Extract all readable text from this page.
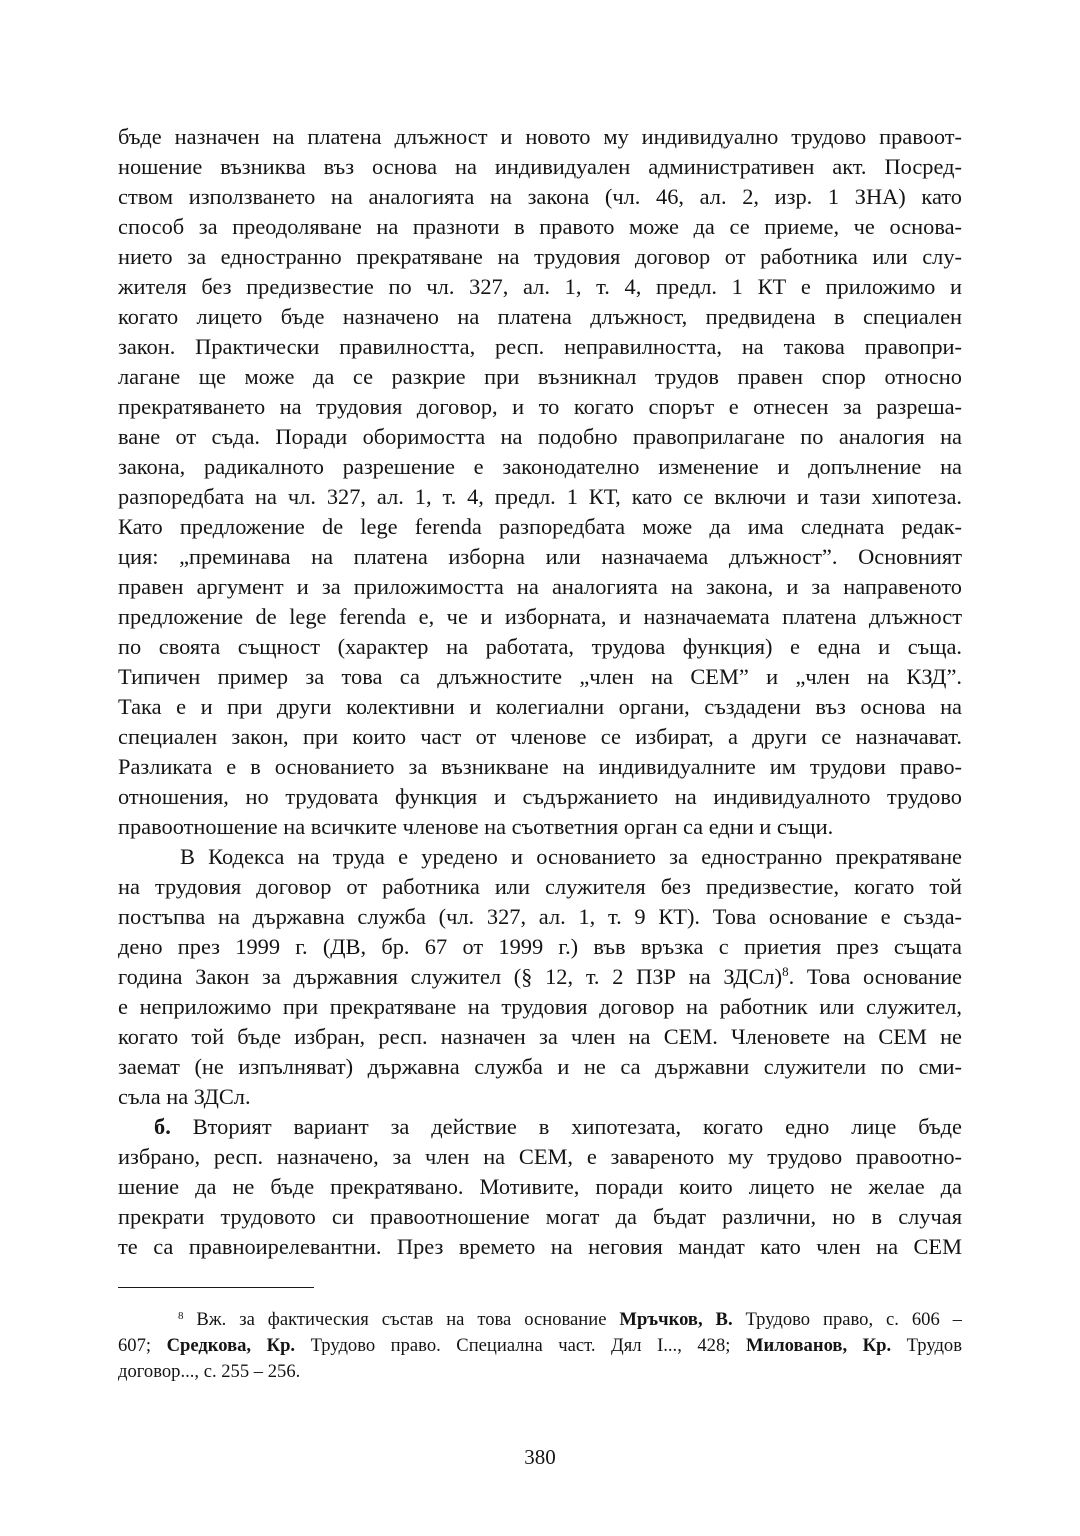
бъде назначен на платена длъжност и новото му индивидуално трудово правоот-
ношение възниква въз основа на индивидуален административен акт. Посред-
ством използването на аналогията на закона (чл. 46, ал. 2, изр. 1 ЗНА) като
способ за преодоляване на празноти в правото може да се приеме, че основа-
нието за едностранно прекратяване на трудовия договор от работника или слу-
жителя без предизвестие по чл. 327, ал. 1, т. 4, предл. 1 КТ е приложимо и
когато лицето бъде назначено на платена длъжност, предвидена в специален
закон. Практически правилността, респ. неправилността, на такова правопри-
лагане ще може да се разкрие при възникнал трудов правен спор относно
прекратяването на трудовия договор, и то когато спорът е отнесен за разреша-
ване от съда. Поради оборимостта на подобно правоприлагане по аналогия на
закона, радикалното разрешение е законодателно изменение и допълнение на
разпоредбата на чл. 327, ал. 1, т. 4, предл. 1 КТ, като се включи и тази хипотеза.
Като предложение de lege ferenda разпоредбата може да има следната редак-
ция: „преминава на платена изборна или назначаема длъжност”. Основният
правен аргумент и за приложимостта на аналогията на закона, и за направеното
предложение de lege ferenda е, че и изборната, и назначаемата платена длъжност
по своята същност (характер на работата, трудова функция) е една и съща.
Типичен пример за това са длъжностите „член на СЕМ” и „член на КЗД”.
Така е и при други колективни и колегиални органи, създадени въз основа на
специален закон, при които част от членове се избират, а други се назначават.
Разликата е в основанието за възникване на индивидуалните им трудови право-
отношения, но трудовата функция и съдържанието на индивидуалното трудово
правоотношение на всичките членове на съответния орган са едни и същи.
В Кодекса на труда е уредено и основанието за едностранно прекратяване
на трудовия договор от работника или служителя без предизвестие, когато той
постъпва на държавна служба (чл. 327, ал. 1, т. 9 КТ). Това основание е създа-
дено през 1999 г. (ДВ, бр. 67 от 1999 г.) във връзка с приетия през същата
година Закон за държавния служител (§ 12, т. 2 ПЗР на ЗДСл)$^8$. Това основание
е неприложимо при прекратяване на трудовия договор на работник или служител,
когато той бъде избран, респ. назначен за член на СЕМ. Членовете на СЕМ не
заемат (не изпълняват) държавна служба и не са държавни служители по сми-
съла на ЗДСл.
б. Вторият вариант за действие в хипотезата, когато едно лице бъде
избрано, респ. назначено, за член на СЕМ, е завареното му трудово правоотно-
шение да не бъде прекратявано. Мотивите, поради които лицето не желае да
прекрати трудовото си правоотношение могат да бъдат различни, но в случая
те са правноирелевантни. През времето на неговия мандат като член на СЕМ
$^8$ Вж. за фактическия състав на това основание Мръчков, В. Трудово право, с. 606 –
607; Средкова, Кр. Трудово право. Специална част. Дял I..., 428; Милованов, Кр. Трудов
договор..., с. 255 – 256.
380
